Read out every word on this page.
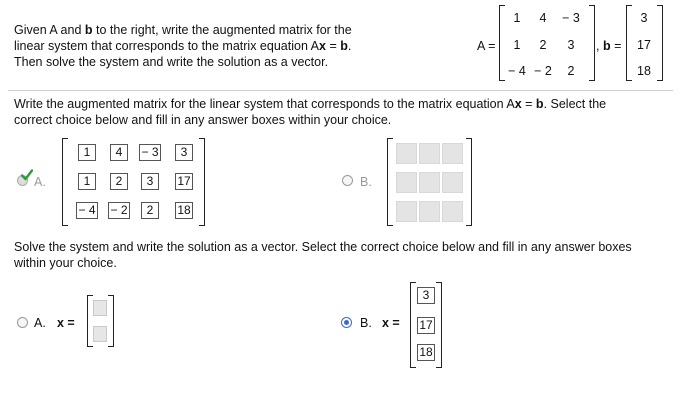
Given A and b to the right, write the augmented matrix for the
linear system that corresponds to the matrix equation Ax = b.
Then solve the system and write the solution as a vector.
A =
1	4	− 3
1	2	3
− 4 − 2	2
, b =
3
17
18
Write the augmented matrix for the linear system that corresponds to the matrix equation Ax = b. Select the
correct choice below and fill in any answer boxes within your choice.
A.
1	4	− 3	3
1	2	3	17
− 4	− 2	2	18
B.
Solve the system and write the solution as a vector. Select the correct choice below and fill in any answer boxes
within your choice.
A. x =	B. x =
3
17
18
